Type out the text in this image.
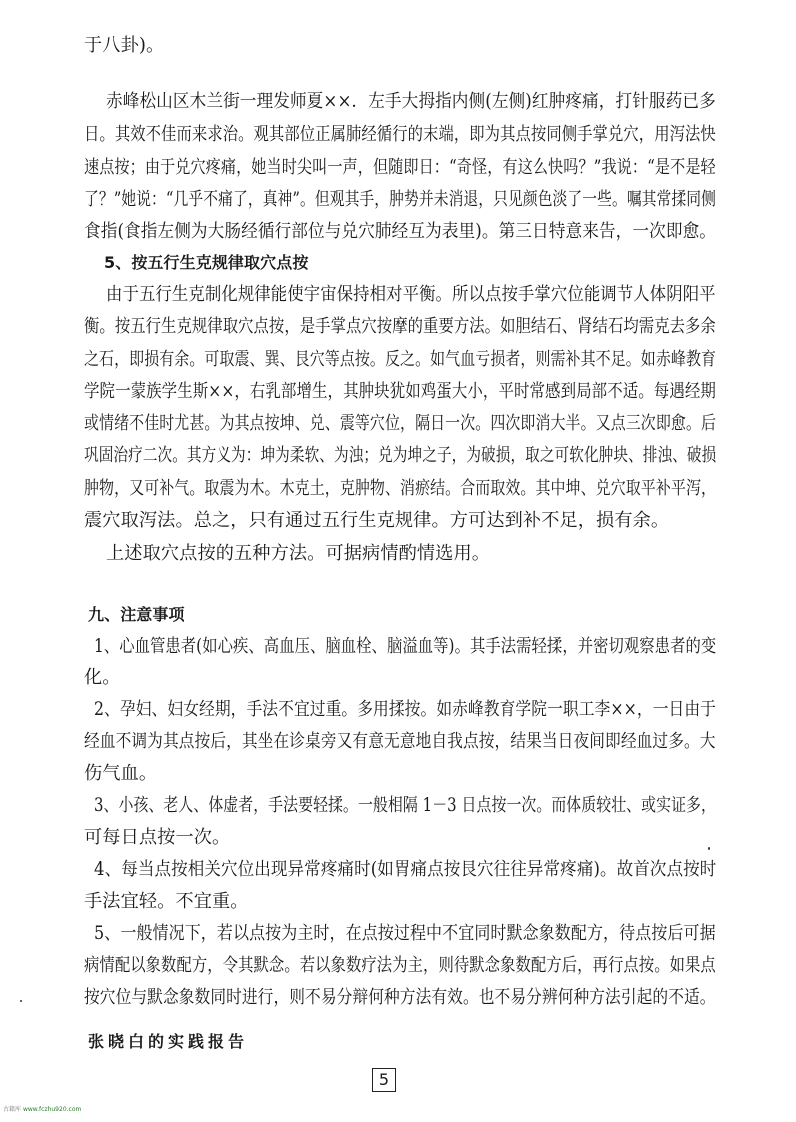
于八卦)。
赤峰松山区木兰街一理发师夏××．左手大拇指内侧(左侧)红肿疼痛，打针服药已多
日。其效不佳而来求治。观其部位正属肺经循行的末端，即为其点按同侧手掌兑穴，用泻法快
速点按；由于兑穴疼痛，她当时尖叫一声，但随即日：“奇怪，有这么快吗？”我说：“是不是轻
了？”她说：“几乎不痛了，真神”。但观其手，肿势并未消退，只见颜色淡了一些。嘱其常揉同侧
食指(食指左侧为大肠经循行部位与兑穴肺经互为表里)。第三日特意来告，一次即愈。
5、按五行生克规律取穴点按
由于五行生克制化规律能使宇宙保持相对平衡。所以点按手掌穴位能调节人体阴阳平
衡。按五行生克规律取穴点按，是手掌点穴按摩的重要方法。如胆结石、肾结石均需克去多余
之石，即损有余。可取震、巽、艮穴等点按。反之。如气血亏损者，则需补其不足。如赤峰教育
学院一蒙族学生斯××，右乳部增生，其肿块犹如鸡蛋大小，平时常感到局部不适。每遇经期
或情绪不佳时尤甚。为其点按坤、兑、震等穴位，隔日一次。四次即消大半。又点三次即愈。后
巩固治疗二次。其方义为：坤为柔软、为浊；兑为坤之子，为破损，取之可软化肿块、排浊、破损
肿物，又可补气。取震为木。木克土，克肿物、消瘀结。合而取效。其中坤、兑穴取平补平泻，
震穴取泻法。总之，只有通过五行生克规律。方可达到补不足，损有余。
上述取穴点按的五种方法。可据病情酌情选用。
九、注意事项
1、心血管患者(如心疾、高血压、脑血栓、脑溢血等)。其手法需轻揉，并密切观察患者的变
化。
2、孕妇、妇女经期，手法不宜过重。多用揉按。如赤峰教育学院一职工李××，一日由于
经血不调为其点按后，其坐在诊桌旁又有意无意地自我点按，结果当日夜间即经血过多。大
伤气血。
3、小孩、老人、体虚者，手法要轻揉。一般相隔 1－3 日点按一次。而体质较壮、或实证多，
可每日点按一次。
4、每当点按相关穴位出现异常疼痛时(如胃痛点按艮穴往往异常疼痛)。故首次点按时
手法宜轻。不宜重。
5、一般情况下，若以点按为主时，在点按过程中不宜同时默念象数配方，待点按后可据
病情配以象数配方，令其默念。若以象数疗法为主，则待默念象数配方后，再行点按。如果点
按穴位与默念象数同时进行，则不易分辩何种方法有效。也不易分辨何种方法引起的不适。
张晓白的实践报告
5
古籍库 www.fczhu920.com
